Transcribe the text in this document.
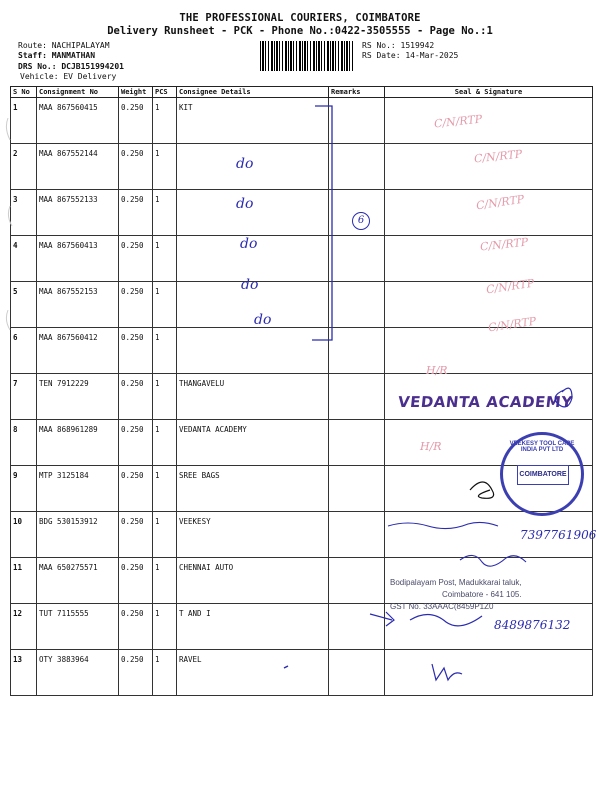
THE PROFESSIONAL COURIERS, COIMBATORE
Delivery Runsheet - PCK - Phone No.:0422-3505555 - Page No.:1
Route: NACHIPALAYAM
Staff: MANMATHAN
DRS No.: DCJB151994201
Vehicle: EV Delivery
RS No.: 1519942
RS Date: 14-Mar-2025
S No	Consignment No	Weight	PCS	Consignee Details	Remarks	Seal & Signature
1	MAA 867560415	0.250	1	KIT		
2	MAA 867552144	0.250	1			
3	MAA 867552133	0.250	1			
4	MAA 867560413	0.250	1			
5	MAA 867552153	0.250	1			
6	MAA 867560412	0.250	1			
7	TEN 7912229	0.250	1	THANGAVELU		
8	MAA 868961289	0.250	1	VEDANTA ACADEMY		
9	MTP 3125184	0.250	1	SREE BAGS		
10	BDG 530153912	0.250	1	VEEKESY		
11	MAA 650275571	0.250	1	CHENNAI AUTO		
12	TUT 7115555	0.250	1	T AND I		
13	OTY 3883964	0.250	1	RAVEL		
6
do
do
do
do
do
C/N/RTP
C/N/RTP
C/N/RTP
C/N/RTP
C/N/RTP
C/N/RTP
H/R
H/R
VEDANTA ACADEMY
VEEKESY TOOL CAPE INDIA PVT LTD
COIMBATORE
7397761906
Bodipalayam Post, Madukkarai taluk,
Coimbatore - 641 105.
GST No. 33AAAC(8459P1Z0
8489876132
